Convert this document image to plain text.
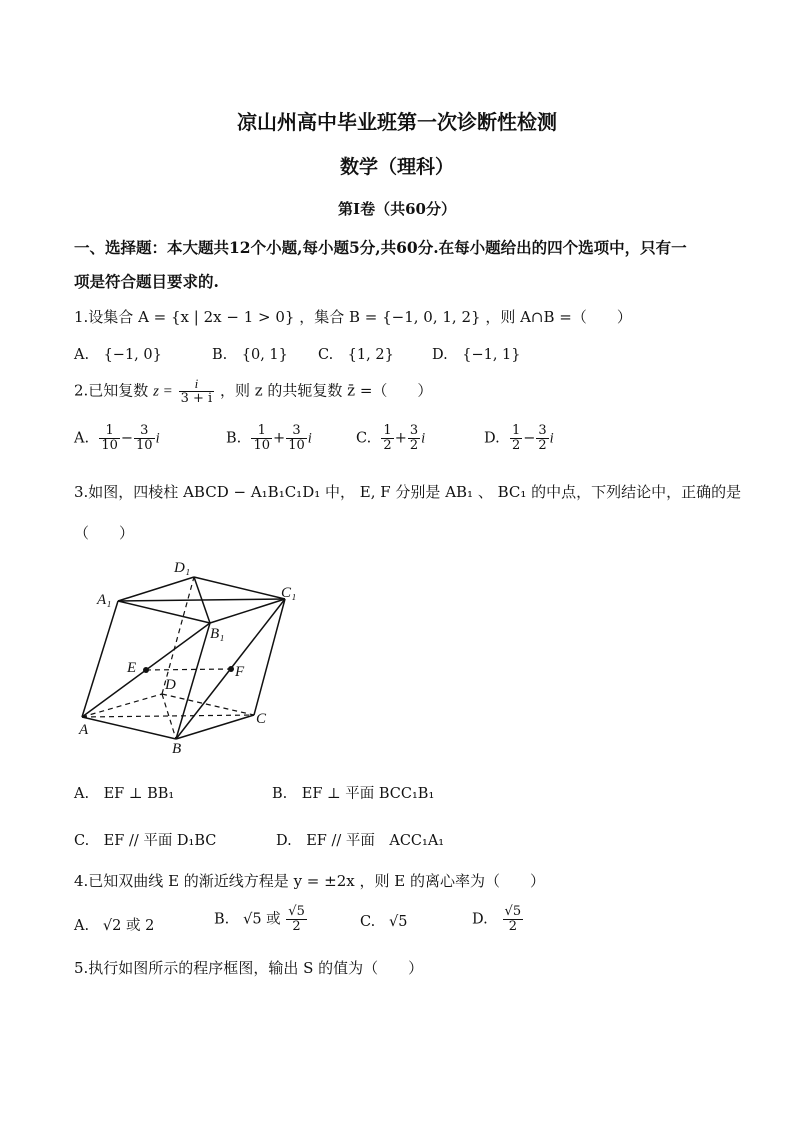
凉山州高中毕业班第一次诊断性检测
数学（理科）
第Ⅰ卷（共60分）
一、选择题：本大题共12个小题,每小题5分,共60分.在每小题给出的四个选项中，只有一
项是符合题目要求的.
1.设集合 A = {x | 2x − 1 > 0} ，集合 B = {−1, 0, 1, 2} ，则 A∩B =（　　）
A.　{−1, 0}	B.　{0, 1} C.　{1, 2}	D.　{−1, 1}
2.已知复数 $z = \frac{i}{3 + i}$ ，则 z 的共轭复数 z̄ =（　　）
A. $\frac{1}{10} - \frac{3}{10}$ i	B. $\frac{1}{10} + \frac{3}{10}$ i	C. $\frac{1}{2} + \frac{3}{2}$ i	D. $\frac{1}{2} - \frac{3}{2}$ i
3.如图，四棱柱 ABCD − A₁B₁C₁D₁ 中， E, F 分别是 AB₁ 、 BC₁ 的中点，下列结论中，正确的是
（　　）
D₁
A₁	C₁
B₁
E	F
D
A
B
C
A.　EF ⊥ BB₁	B.　EF ⊥ 平面 BCC₁B₁
C.　EF // 平面 D₁BC	D.　EF // 平面　ACC₁A₁
4.已知双曲线 E 的渐近线方程是 y = ±2x ，则 E 的离心率为（　　）
A. √2 或 2	B. √5 或 $\frac{√5}{2}$	C. √5	D. $\frac{√5}{2}$
5.执行如图所示的程序框图，输出 S 的值为（　　）
